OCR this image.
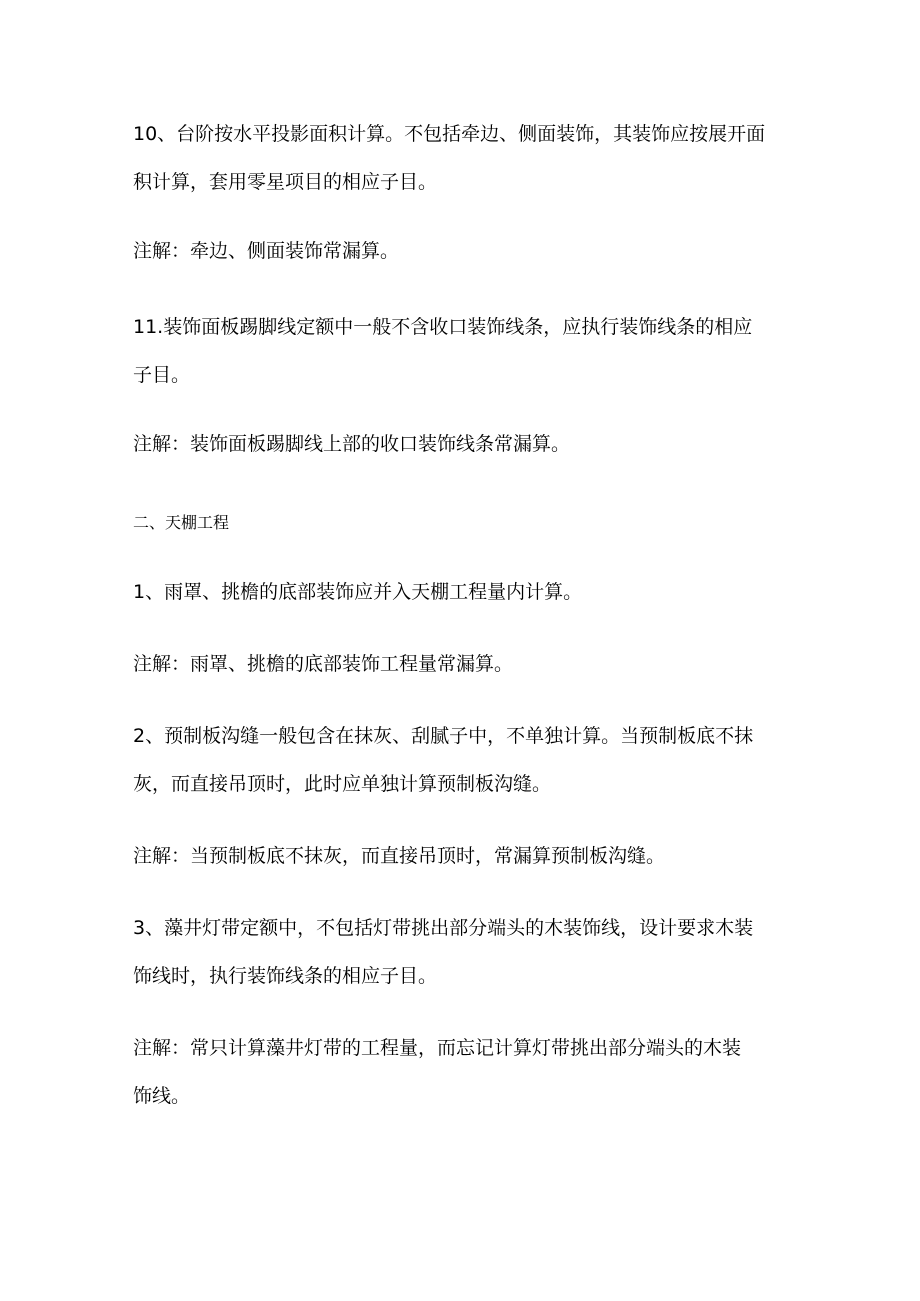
10、台阶按水平投影面积计算。不包括牵边、侧面装饰，其装饰应按展开面
积计算，套用零星项目的相应子目。

注解：牵边、侧面装饰常漏算。

11.装饰面板踢脚线定额中一般不含收口装饰线条，应执行装饰线条的相应
子目。

注解：装饰面板踢脚线上部的收口装饰线条常漏算。

二、天棚工程

1、雨罩、挑檐的底部装饰应并入天棚工程量内计算。

注解：雨罩、挑檐的底部装饰工程量常漏算。

2、预制板沟缝一般包含在抹灰、刮腻子中，不单独计算。当预制板底不抹
灰，而直接吊顶时，此时应单独计算预制板沟缝。

注解：当预制板底不抹灰，而直接吊顶时，常漏算预制板沟缝。

3、藻井灯带定额中，不包括灯带挑出部分端头的木装饰线，设计要求木装
饰线时，执行装饰线条的相应子目。

注解：常只计算藻井灯带的工程量，而忘记计算灯带挑出部分端头的木装
饰线。
